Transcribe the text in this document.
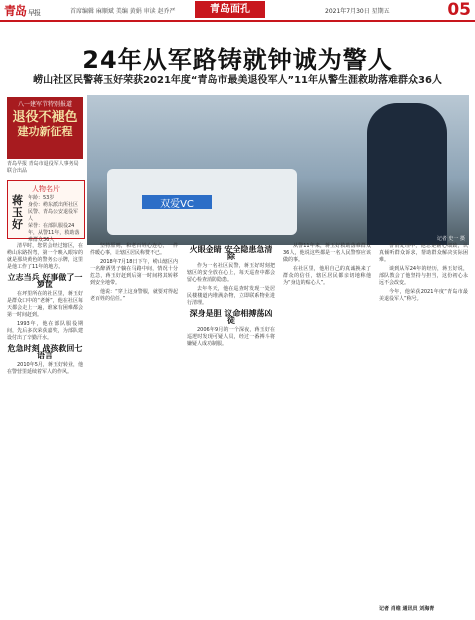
青岛 早报	首席编辑 麻顺斌 美编 黄娟 审读 赵乔严	青岛面孔	2021年7月30日 星期五	05
24年从军路铸就钟诚为警人
崂山社区民警蒋玉好荣获2021年度“青岛市最美退役军人”11年从警生涯救助落难群众36人
八一建军节特别报道
退役不褪色
建功新征程
青岛早报 青岛市退役军人事务局 联合出品
人物名片
蒋玉好
年龄：53岁
身份：崂东派出所社区民警、青岛公安退役军人
荣誉：在部队服役24年，从警11年，救助落难群众36人
双爱VC
记者 史一 摄

清早时，您常会经过辖区，在崂山东路拐弯，第一个映入眼帘的就是那块黄色的警务公示牌，这里是他工作了11年的地方。

立志当兵 好事做了一箩筐

在坪里所在的社区里，蒋玉好是群众口中的“老蒋”，他在社区每天都会走上一遍，谁家有困难都会第一时间赶到。

1993年，他在部队服役期间，先后多次荣获嘉奖，为部队建设付出了辛勤汗水。

危急时刻 战孩救回七语言

2010年5月，蒋玉好转业，他在警营里延续着军人的作风。

坚持原则，和老百姓心连心，一件件暖心事，让辖区居民称赞不已。

2018年7月18日下午，崂山辖区内一名醉酒男子躺在马路中间，情况十分危急，蒋玉好赶到后第一时间将其转移到安全地带。

他说：“穿上这身警服，就要对得起老百姓的信任。”

火眼金睛 安全隐患急清除

作为一名社区民警，蒋玉好时刻把辖区的安全放在心上，每天巡查中都会留心检查消防隐患。

去年冬天，他在巡查时发现一处居民楼楼道内堆满杂物，立即联系物业进行清理。

深身是胆 议命相搏荡凶徒

2006年9月的一个深夜，蒋玉好在巡逻时发现可疑人员，经过一番搏斗将嫌疑人成功制服。

从警11年来，蒋玉好救助落难群众36人，他说这些都是一名人民警察应该做的事。

在社区里，他用自己的真诚换来了群众的信任，辖区居民都亲切地称他为“身边的贴心人”。

警情处理中，他总是耐心细致，认真倾听群众诉求，帮助群众解决实际困难。

谈到从军24年的经历，蒋玉好说，部队教会了他坚持与担当，这份初心永远不会改变。

今年，他荣获2021年度“青岛市最美退役军人”称号。

记者 肖维 通讯员 刘海青
